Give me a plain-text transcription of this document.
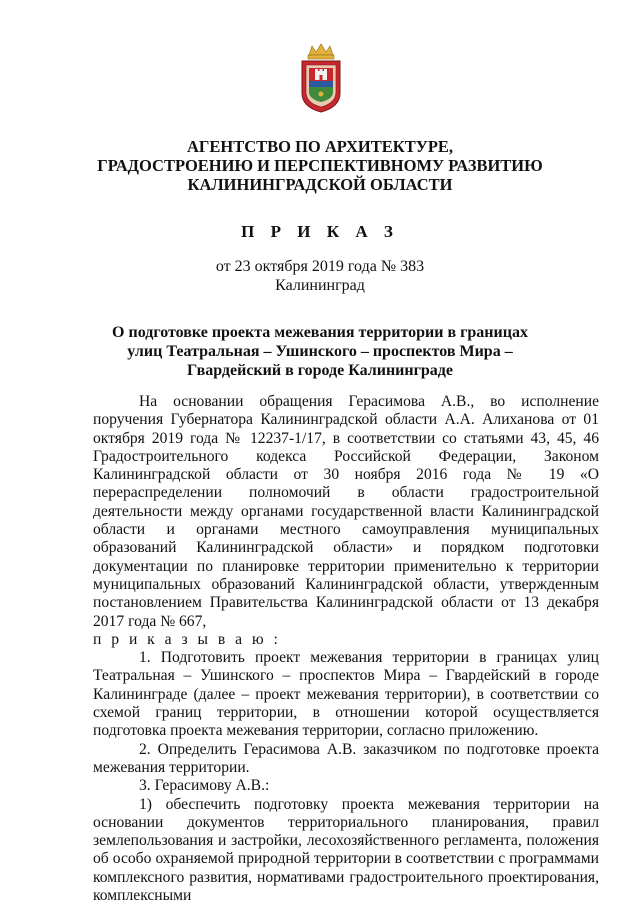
АГЕНТСТВО ПО АРХИТЕКТУРЕ,
ГРАДОСТРОЕНИЮ И ПЕРСПЕКТИВНОМУ РАЗВИТИЮ
КАЛИНИНГРАДСКОЙ ОБЛАСТИ
П Р И К А З
от 23 октября 2019 года № 383
Калининград
О подготовке проекта межевания территории в границах
улиц Театральная – Ушинского – проспектов Мира –
Гвардейский в городе Калининграде

На основании обращения Герасимова А.В., во исполнение поручения Губернатора Калининградской области А.А. Алиханова от 01 октября 2019 года № 12237-1/17, в соответствии со статьями 43, 45, 46 Градостроительного кодекса Российской Федерации, Законом Калининградской области от 30 ноября 2016 года № 19 «О перераспределении полномочий в области градостроительной деятельности между органами государственной власти Калининградской области и органами местного самоуправления муниципальных образований Калининградской области» и порядком подготовки документации по планировке территории применительно к территории муниципальных образований Калининградской области, утвержденным постановлением Правительства Калининградской области от 13 декабря 2017 года № 667,

п р и к а з ы в а ю :

1. Подготовить проект межевания территории в границах улиц Театральная – Ушинского – проспектов Мира – Гвардейский в городе Калининграде (далее – проект межевания территории), в соответствии со схемой границ территории, в отношении которой осуществляется подготовка проекта межевания территории, согласно приложению.

2. Определить Герасимова А.В. заказчиком по подготовке проекта межевания территории.

3. Герасимову А.В.:

1) обеспечить подготовку проекта межевания территории на основании документов территориального планирования, правил землепользования и застройки, лесохозяйственного регламента, положения об особо охраняемой природной территории в соответствии с программами комплексного развития, нормативами градостроительного проектирования, комплексными
